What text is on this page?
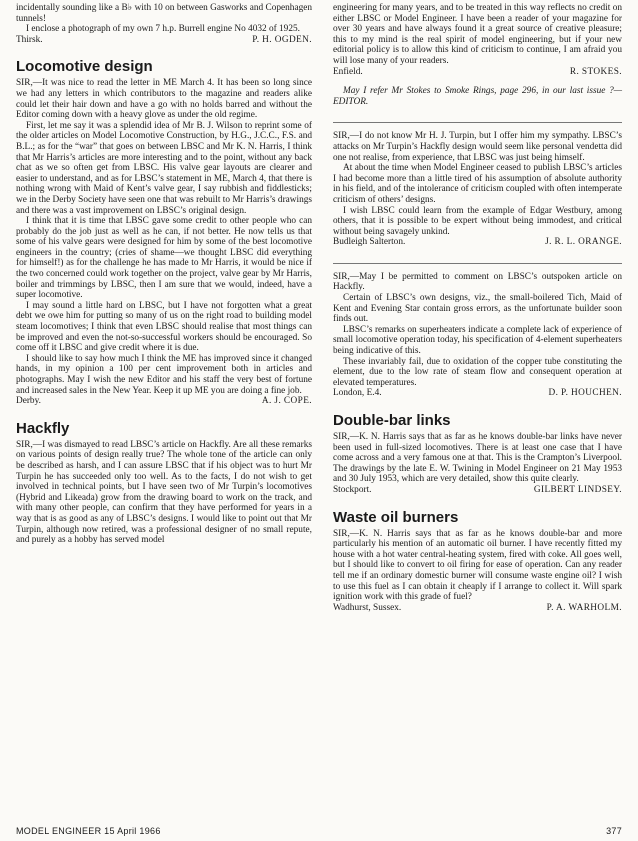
incidentally sounding like a B♭ with 10 on between Gasworks and Copenhagen tunnels!

I enclose a photograph of my own 7 h.p. Burrell engine No 4032 of 1925.

Thirsk.	P. H. OGDEN.
Locomotive design

SIR,—It was nice to read the letter in ME March 4. It has been so long since we had any letters in which contributors to the magazine and readers alike could let their hair down and have a go with no holds barred and without the Editor coming down with a heavy glove as under the old regime.

First, let me say it was a splendid idea of Mr B. J. Wilson to reprint some of the older articles on Model Locomotive Construction, by H.G., J.C.C., F.S. and B.L.; as for the “war” that goes on between LBSC and Mr K. N. Harris, I think that Mr Harris’s articles are more interesting and to the point, without any back chat as we so often get from LBSC. His valve gear layouts are clearer and easier to understand, and as for LBSC’s statement in ME, March 4, that there is nothing wrong with Maid of Kent’s valve gear, I say rubbish and fiddlesticks; we in the Derby Society have seen one that was rebuilt to Mr Harris’s drawings and there was a vast improvement on LBSC’s original design.

I think that it is time that LBSC gave some credit to other people who can probably do the job just as well as he can, if not better. He now tells us that some of his valve gears were designed for him by some of the best locomotive engineers in the country; (cries of shame—we thought LBSC did everything for himself!) as for the challenge he has made to Mr Harris, it would be nice if the two concerned could work together on the project, valve gear by Mr Harris, boiler and trimmings by LBSC, then I am sure that we would, indeed, have a super locomotive.

I may sound a little hard on LBSC, but I have not forgotten what a great debt we owe him for putting so many of us on the right road to building model steam locomotives; I think that even LBSC should realise that most things can be improved and even the not-so-successful workers should be encouraged. So come off it LBSC and give credit where it is due.

I should like to say how much I think the ME has improved since it changed hands, in my opinion a 100 per cent improvement both in articles and photographs. May I wish the new Editor and his staff the very best of fortune and increased sales in the New Year. Keep it up ME you are doing a fine job.

Derby.	A. J. COPE.
Hackfly

SIR,—I was dismayed to read LBSC’s article on Hackfly. Are all these remarks on various points of design really true? The whole tone of the article can only be described as harsh, and I can assure LBSC that if his object was to hurt Mr Turpin he has succeeded only too well. As to the facts, I do not wish to get involved in technical points, but I have seen two of Mr Turpin’s locomotives (Hybrid and Likeada) grow from the drawing board to work on the track, and with many other people, can confirm that they have performed for years in a way that is as good as any of LBSC’s designs. I would like to point out that Mr Turpin, although now retired, was a professional designer of no small repute, and purely as a hobby has served model

engineering for many years, and to be treated in this way reflects no credit on either LBSC or Model Engineer. I have been a reader of your magazine for over 30 years and have always found it a great source of creative pleasure; this to my mind is the real spirit of model engineering, but if your new editorial policy is to allow this kind of criticism to continue, I am afraid you will lose many of your readers.

Enfield.	R. STOKES.

May I refer Mr Stokes to Smoke Rings, page 296, in our last issue ?—EDITOR.

SIR,—I do not know Mr H. J. Turpin, but I offer him my sympathy. LBSC’s attacks on Mr Turpin’s Hackfly design would seem like personal vendetta did one not realise, from experience, that LBSC was just being himself.

At about the time when Model Engineer ceased to publish LBSC’s articles I had become more than a little tired of his assumption of absolute authority in his field, and of the intolerance of criticism coupled with often intemperate criticism of others’ designs.

I wish LBSC could learn from the example of Edgar Westbury, among others, that it is possible to be expert without being immodest, and critical without being savagely unkind.

Budleigh Salterton.	J. R. L. ORANGE.

SIR,—May I be permitted to comment on LBSC’s outspoken article on Hackfly.

Certain of LBSC’s own designs, viz., the small-boilered Tich, Maid of Kent and Evening Star contain gross errors, as the unfortunate builder soon finds out.

LBSC’s remarks on superheaters indicate a complete lack of experience of small locomotive operation today, his specification of 4-element superheaters being indicative of this.

These invariably fail, due to oxidation of the copper tube constituting the element, due to the low rate of steam flow and consequent operation at elevated temperatures.

London, E.4.	D. P. HOUCHEN.
Double-bar links

SIR,—K. N. Harris says that as far as he knows double-bar links have never been used in full-sized locomotives. There is at least one case that I have come across and a very famous one at that. This is the Crampton’s Liverpool. The drawings by the late E. W. Twining in Model Engineer on 21 May 1953 and 30 July 1953, which are very detailed, show this quite clearly.

Stockport.	GILBERT LINDSEY.
Waste oil burners

SIR,—K. N. Harris says that as far as he knows double-bar and more particularly his mention of an automatic oil burner. I have recently fitted my house with a hot water central-heating system, fired with coke. All goes well, but I should like to convert to oil firing for ease of operation. Can any reader tell me if an ordinary domestic burner will consume waste engine oil? I wish to use this fuel as I can obtain it cheaply if I arrange to collect it. Will spark ignition work with this grade of fuel?

Wadhurst, Sussex.	P. A. WARHOLM.
MODEL ENGINEER 15 April 1966	377
